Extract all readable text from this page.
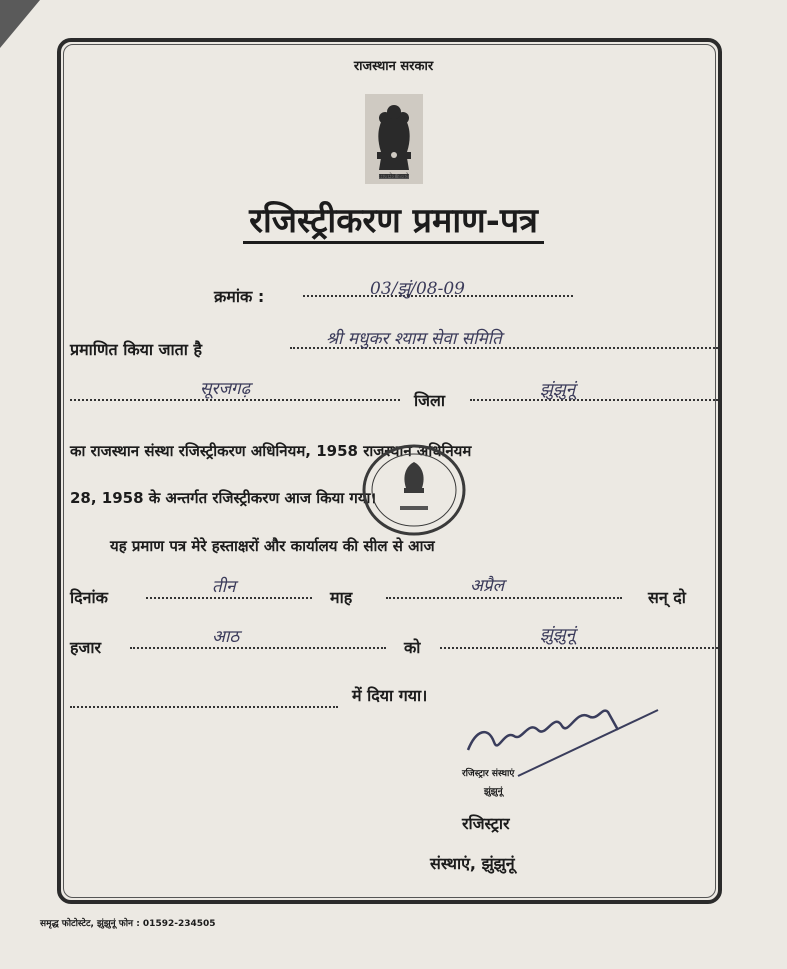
राजस्थान सरकार
सत्यमेव जयते
रजिस्ट्रीकरण प्रमाण-पत्र
क्रमांक :	03/झुं/08-09
प्रमाणित किया जाता है
श्री मधुकर श्याम सेवा समिति
सूरजगढ़
जिला
झुंझुनूं
का राजस्थान संस्था रजिस्ट्रीकरण अधिनियम, 1958 राजस्थान अधिनियम
28, 1958 के अन्तर्गत रजिस्ट्रीकरण आज किया गया।
यह प्रमाण पत्र मेरे हस्ताक्षरों और कार्यालय की सील से आज
दिनांक
तीन
माह
अप्रैल
सन् दो
हजार
आठ
को
झुंझुनूं
में दिया गया।
रजिस्ट्रार संस्थाएं
झुंझुनूं
रजिस्ट्रार
संस्थाएं, झुंझुनूं
समृद्ध फोटोस्टेट, झुंझुनूं फोन : 01592-234505
